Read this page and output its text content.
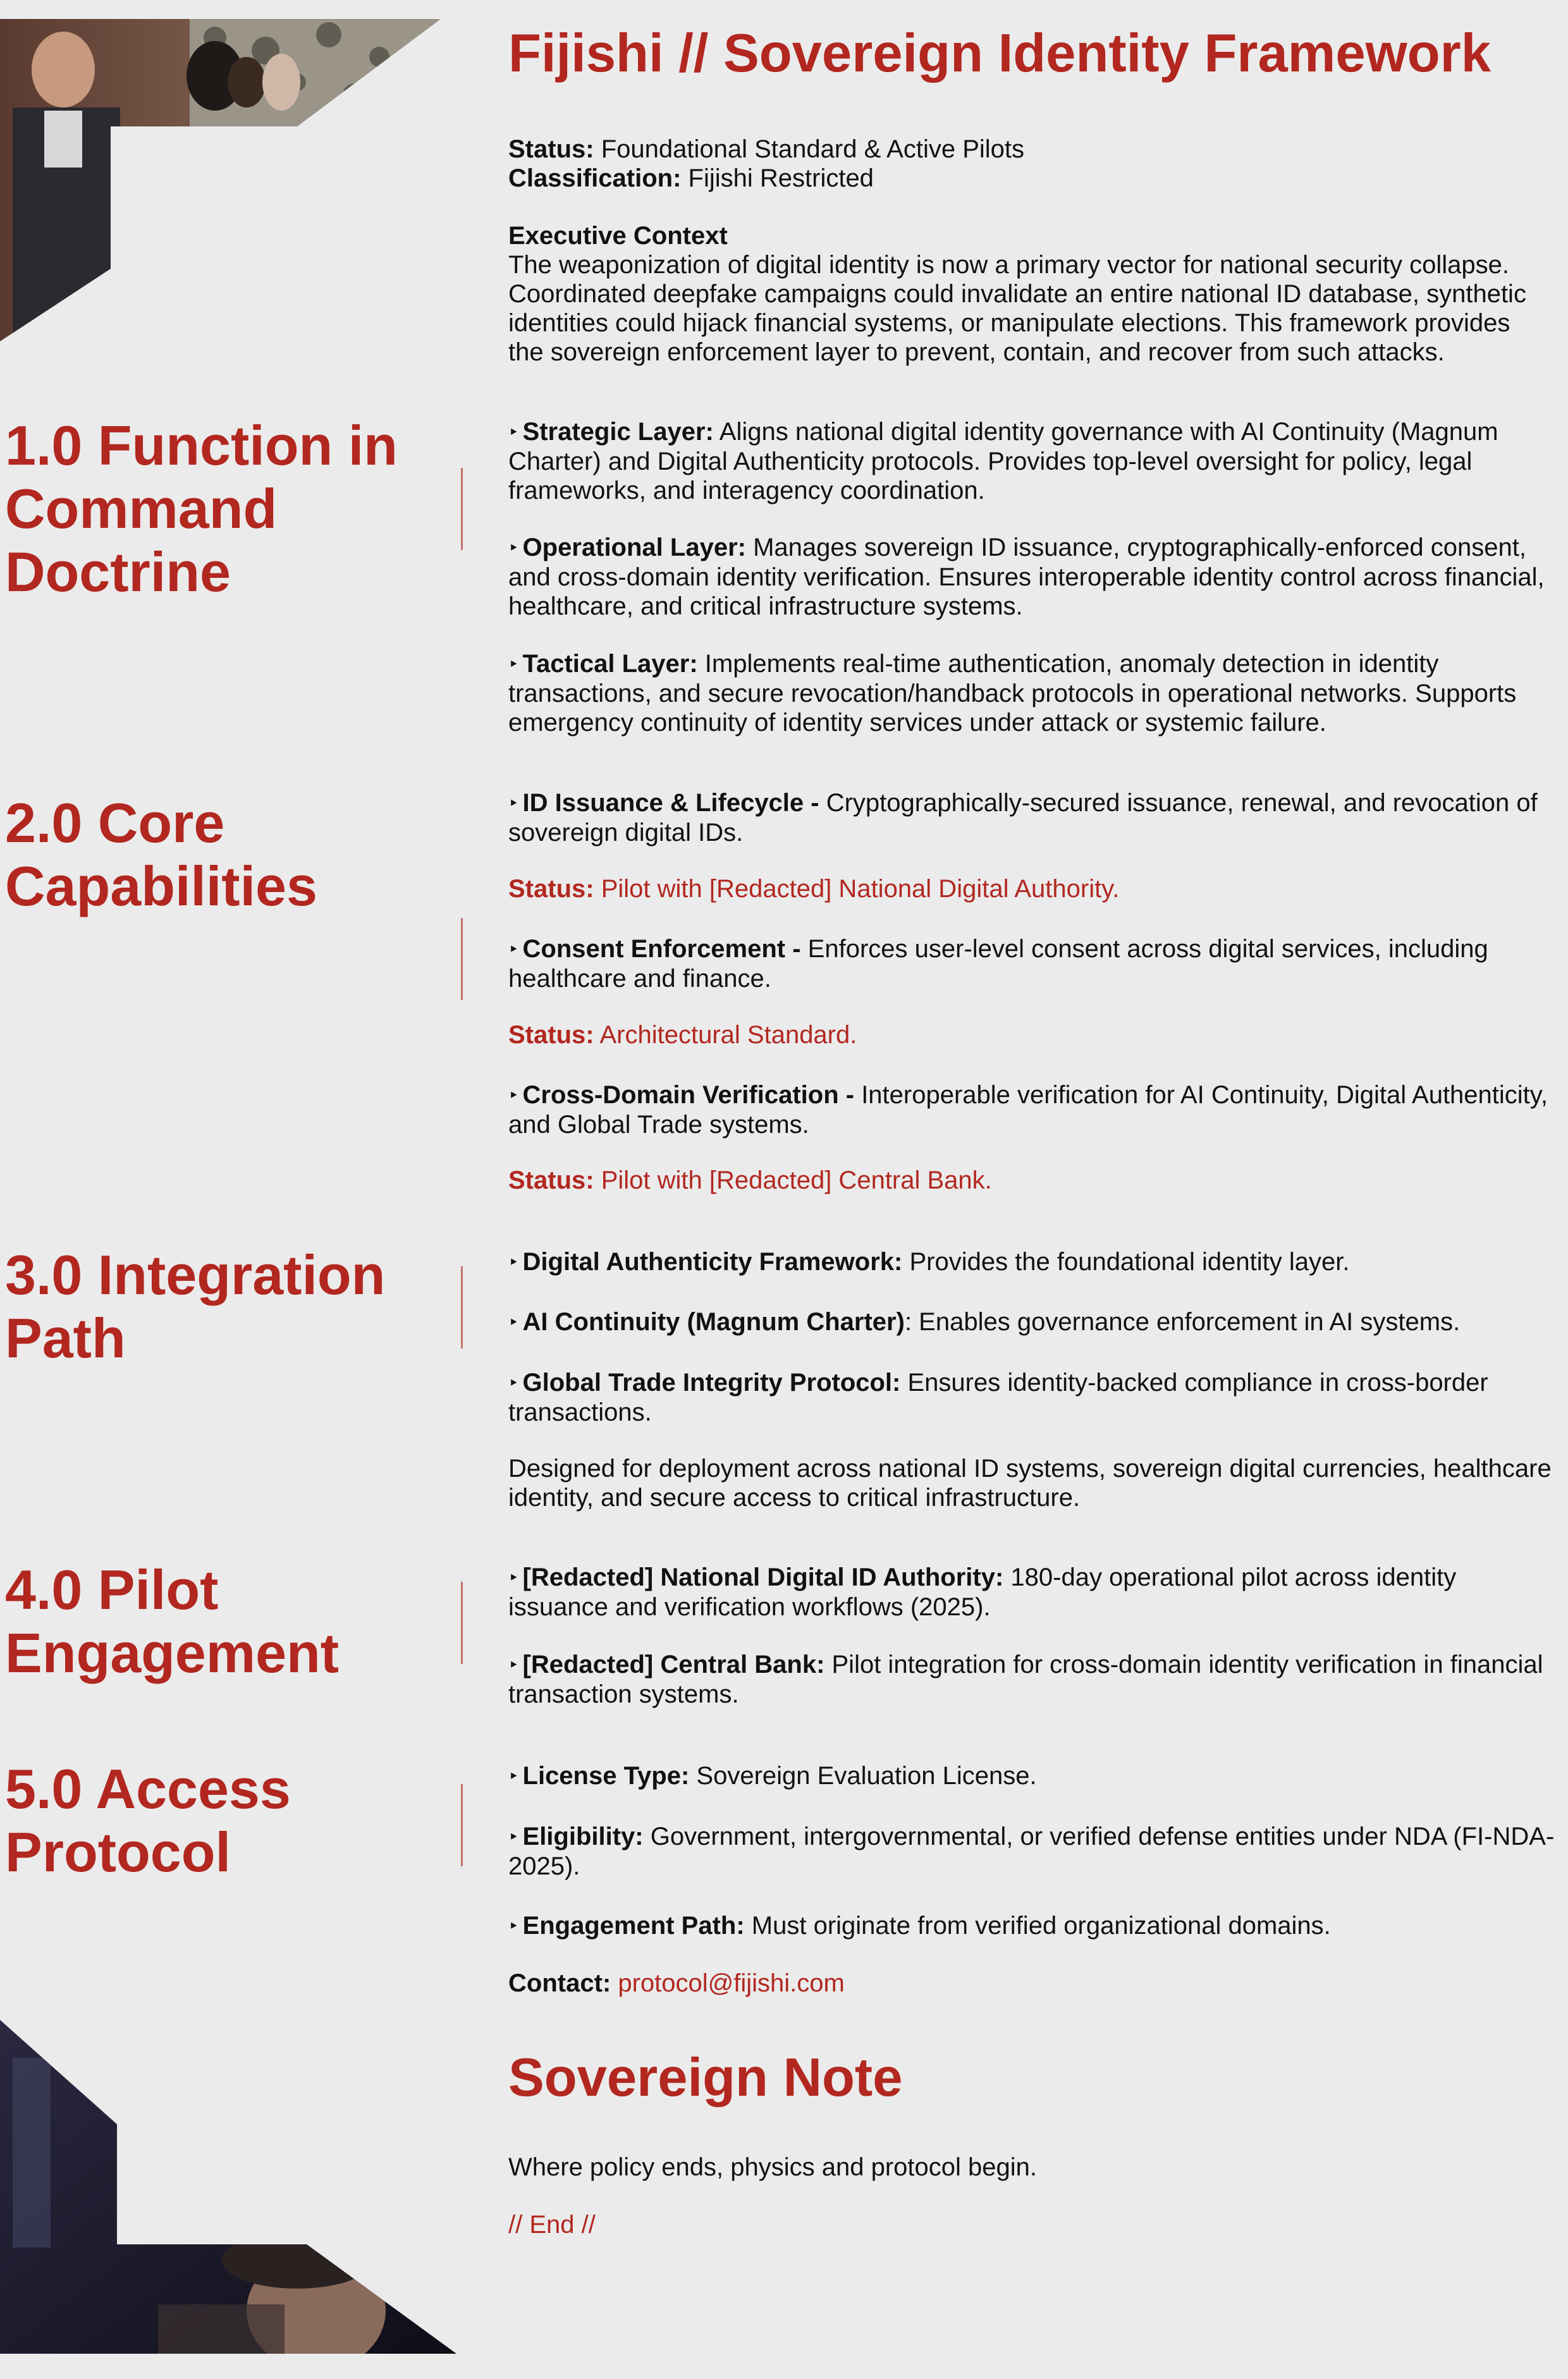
Fijishi // Sovereign Identity Framework
Status: Foundational Standard & Active Pilots
Classification: Fijishi Restricted
Executive Context
The weaponization of digital identity is now a primary vector for national security collapse. Coordinated deepfake campaigns could invalidate an entire national ID database, synthetic identities could hijack financial systems, or manipulate elections. This framework provides the sovereign enforcement layer to prevent, contain, and recover from such attacks.
1.0 Function in Command Doctrine

‣ Strategic Layer: Aligns national digital identity governance with AI Continuity (Magnum Charter) and Digital Authenticity protocols. Provides top-level oversight for policy, legal frameworks, and interagency coordination.

‣ Operational Layer: Manages sovereign ID issuance, cryptographically-enforced consent, and cross-domain identity verification. Ensures interoperable identity control across financial, healthcare, and critical infrastructure systems.

‣ Tactical Layer: Implements real-time authentication, anomaly detection in identity transactions, and secure revocation/handback protocols in operational networks. Supports emergency continuity of identity services under attack or systemic failure.

2.0 Core Capabilities

‣ ID Issuance & Lifecycle - Cryptographically-secured issuance, renewal, and revocation of sovereign digital IDs.

Status: Pilot with [Redacted] National Digital Authority.

‣ Consent Enforcement - Enforces user-level consent across digital services, including healthcare and finance.

Status: Architectural Standard.

‣ Cross-Domain Verification - Interoperable verification for AI Continuity, Digital Authenticity, and Global Trade systems.

Status: Pilot with [Redacted] Central Bank.

3.0 Integration Path

‣ Digital Authenticity Framework: Provides the foundational identity layer.

‣ AI Continuity (Magnum Charter): Enables governance enforcement in AI systems.

‣ Global Trade Integrity Protocol: Ensures identity-backed compliance in cross-border transactions.

Designed for deployment across national ID systems, sovereign digital currencies, healthcare identity, and secure access to critical infrastructure.

4.0 Pilot Engagement

‣ [Redacted] National Digital ID Authority: 180-day operational pilot across identity issuance and verification workflows (2025).

‣ [Redacted] Central Bank: Pilot integration for cross-domain identity verification in financial transaction systems.

5.0 Access Protocol

‣ License Type: Sovereign Evaluation License.

‣ Eligibility: Government, intergovernmental, or verified defense entities under NDA (FI-NDA-2025).

‣ Engagement Path: Must originate from verified organizational domains.

Contact: protocol@fijishi.com

Sovereign Note

Where policy ends, physics and protocol begin.

// End //
